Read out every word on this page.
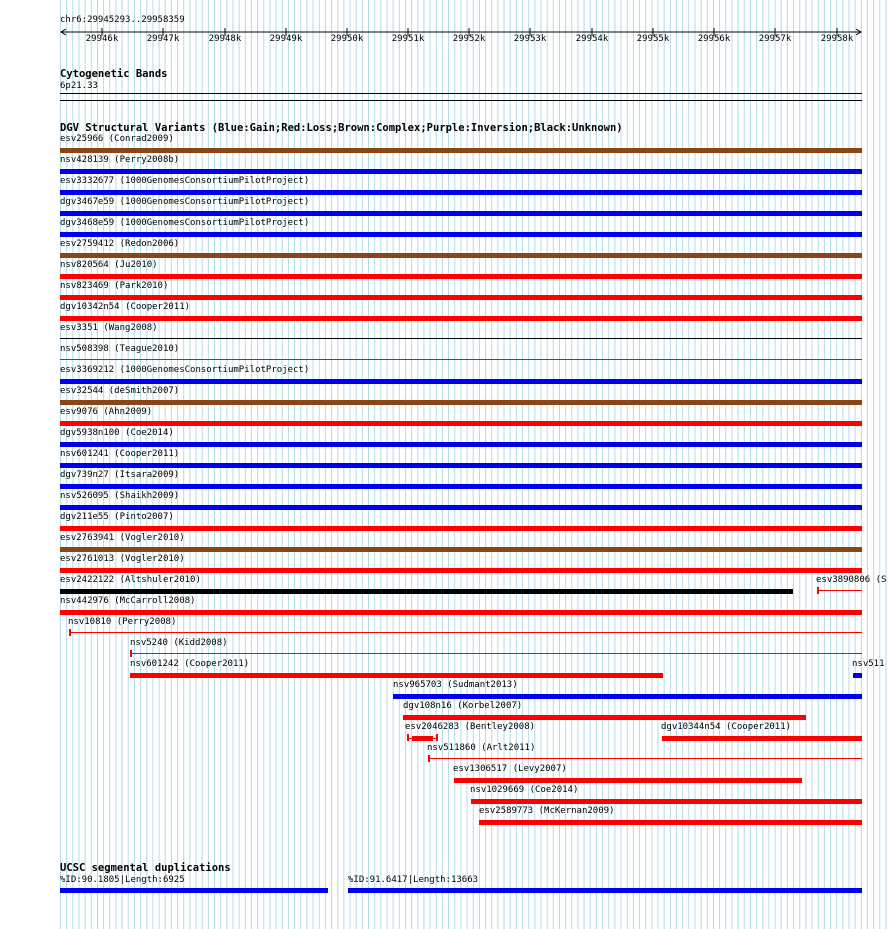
chr6:29945293..29958359
29946k	29947k	29948k	29949k	29950k	29951k	29952k	29953k	29954k	29955k	29956k	29957k	29958k
Cytogenetic Bands
6p21.33
DGV Structural Variants (Blue:Gain;Red:Loss;Brown:Complex;Purple:Inversion;Black:Unknown)
esv25966 (Conrad2009)
nsv428139 (Perry2008b)
esv3332677 (1000GenomesConsortiumPilotProject)
dgv3467e59 (1000GenomesConsortiumPilotProject)
dgv3468e59 (1000GenomesConsortiumPilotProject)
esv2759412 (Redon2006)
nsv820564 (Ju2010)
nsv823469 (Park2010)
dgv10342n54 (Cooper2011)
esv3351 (Wang2008)
nsv508398 (Teague2010)
esv3369212 (1000GenomesConsortiumPilotProject)
esv32544 (deSmith2007)
esv9076 (Ahn2009)
dgv5938n100 (Coe2014)
nsv601241 (Cooper2011)
dgv739n27 (Itsara2009)
nsv526095 (Shaikh2009)
dgv211e55 (Pinto2007)
esv2763941 (Vogler2010)
esv2761013 (Vogler2010)
esv2422122 (Altshuler2010)	esv3890806 (S
nsv442976 (McCarroll2008)
nsv10810 (Perry2008)
nsv5240 (Kidd2008)
nsv601242 (Cooper2011)	nsv511
nsv965703 (Sudmant2013)
dgv108n16 (Korbel2007)
esv2046283 (Bentley2008)	dgv10344n54 (Cooper2011)
nsv511860 (Arlt2011)
esv1306517 (Levy2007)
nsv1029669 (Coe2014)
esv2589773 (McKernan2009)
UCSC segmental duplications
%ID:90.1805|Length:6925	%ID:91.6417|Length:13663
